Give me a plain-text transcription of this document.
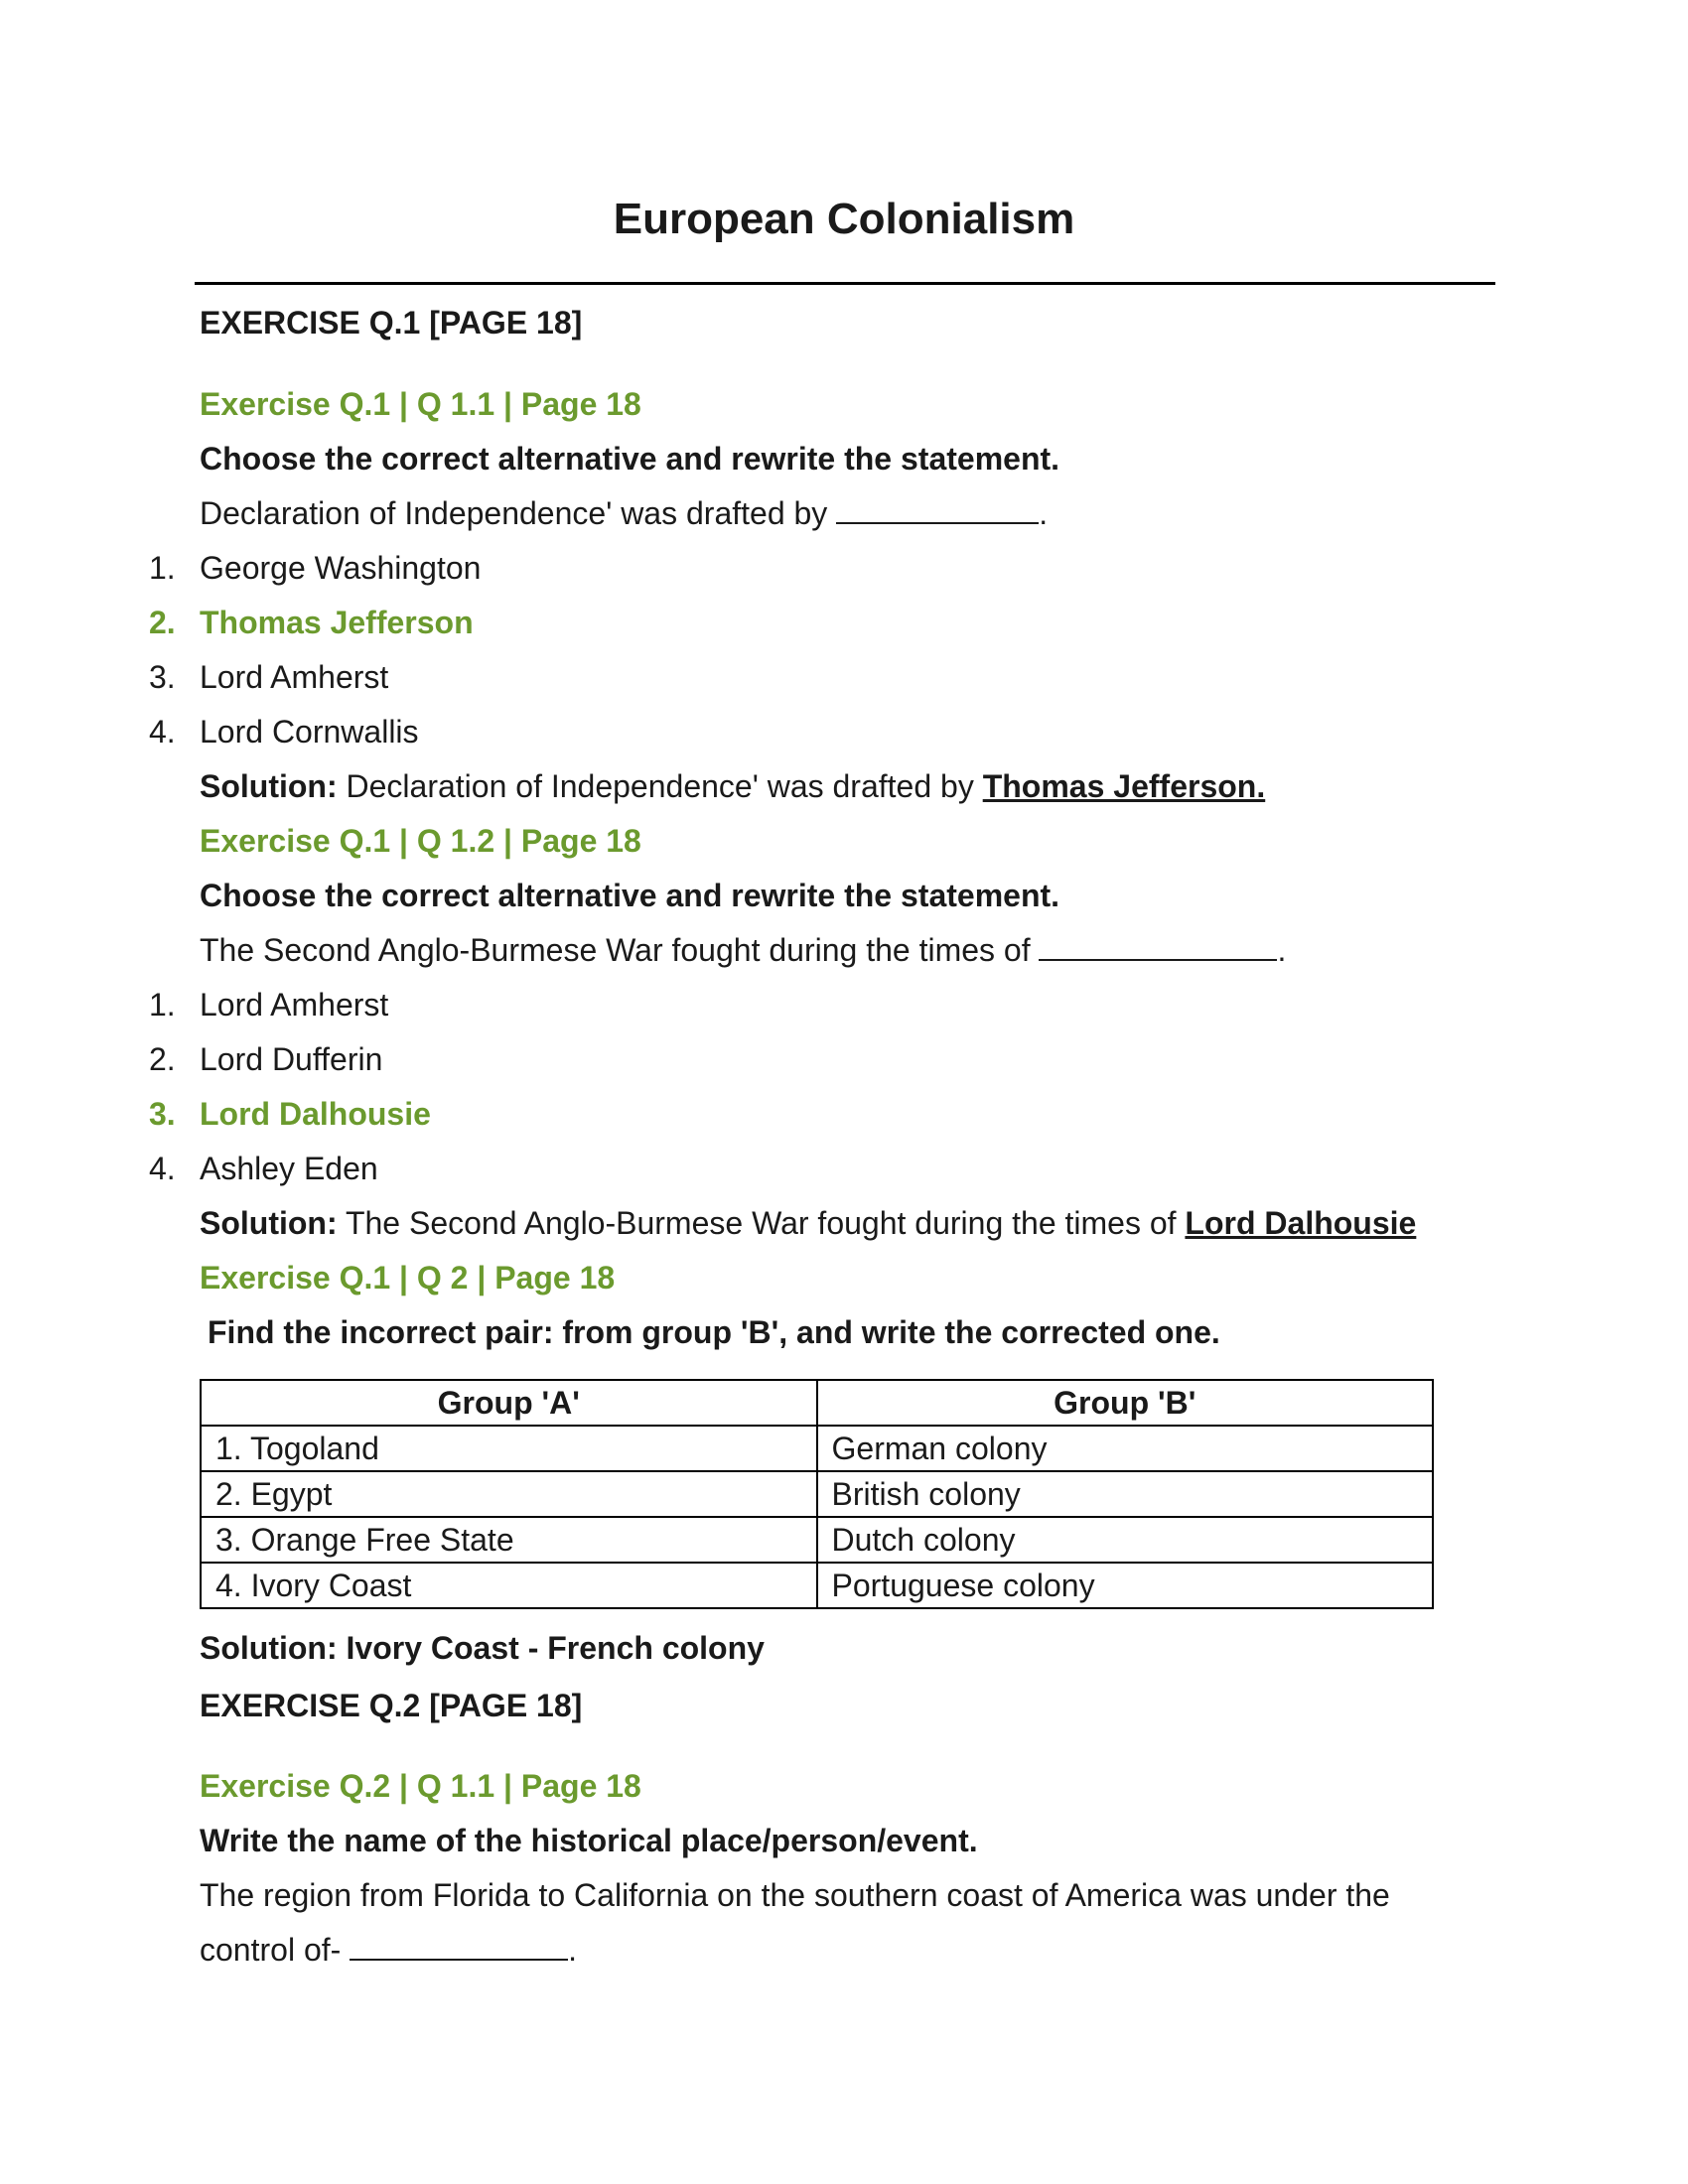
European Colonialism
EXERCISE Q.1 [PAGE 18]
Exercise Q.1 | Q 1.1 | Page 18
Choose the correct alternative and rewrite the statement.
Declaration of Independence' was drafted by	.
1. George Washington
2. Thomas Jefferson
3. Lord Amherst
4. Lord Cornwallis
Solution: Declaration of Independence' was drafted by Thomas Jefferson.
Exercise Q.1 | Q 1.2 | Page 18
Choose the correct alternative and rewrite the statement.
The Second Anglo-Burmese War fought during the times of	.
1. Lord Amherst
2. Lord Dufferin
3. Lord Dalhousie
4. Ashley Eden
Solution: The Second Anglo-Burmese War fought during the times of Lord Dalhousie
Exercise Q.1 | Q 2 | Page 18
Find the incorrect pair: from group 'B', and write the corrected one.
Group 'A'	Group 'B'
1. Togoland	German colony
2. Egypt	British colony
3. Orange Free State	Dutch colony
4. Ivory Coast	Portuguese colony
Solution: Ivory Coast - French colony
EXERCISE Q.2 [PAGE 18]
Exercise Q.2 | Q 1.1 | Page 18
Write the name of the historical place/person/event.
The region from Florida to California on the southern coast of America was under the
control of-	.
